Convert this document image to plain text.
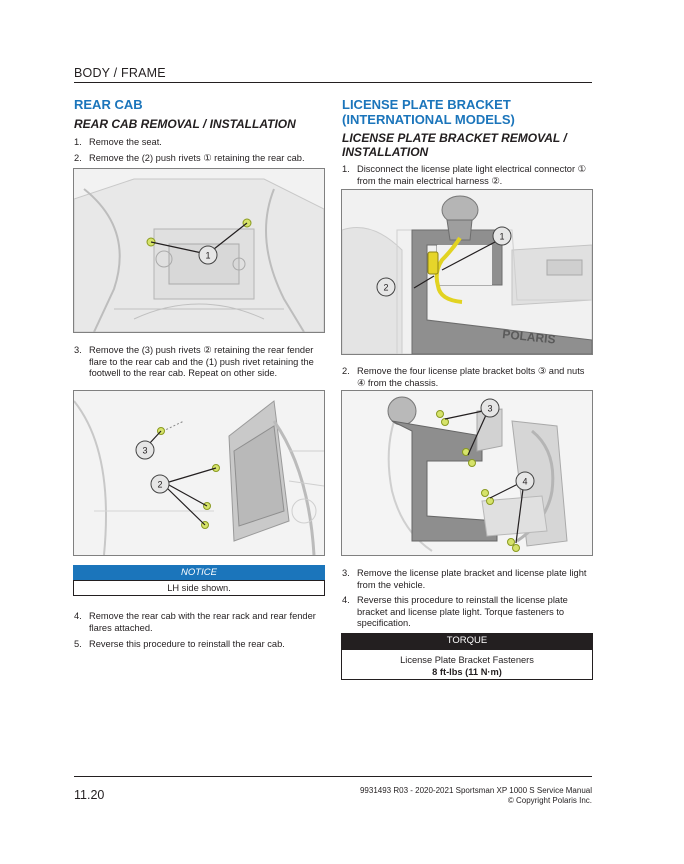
BODY / FRAME
REAR CAB
REAR CAB REMOVAL / INSTALLATION
1. Remove the seat.
2. Remove the (2) push rivets ① retaining the rear cab.
1
3. Remove the (3) push rivets ② retaining the rear fender flare to the rear cab and the (1) push rivet retaining the footwell to the rear cab. Repeat on other side.
3
2
NOTICE
LH side shown.
4. Remove the rear cab with the rear rack and rear fender flares attached.
5. Reverse this procedure to reinstall the rear cab.
LICENSE PLATE BRACKET
(INTERNATIONAL MODELS)
LICENSE PLATE BRACKET REMOVAL /
INSTALLATION
1. Disconnect the license plate light electrical connector ① from the main electrical harness ②.
POLARIS
1
2
2. Remove the four license plate bracket bolts ③ and nuts ④ from the chassis.
3
4
3. Remove the license plate bracket and license plate light from the vehicle.
4. Reverse this procedure to reinstall the license plate bracket and license plate light. Torque fasteners to specification.
TORQUE
License Plate Bracket Fasteners
8 ft-lbs (11 N·m)
11.20	9931493 R03 - 2020-2021 Sportsman XP 1000 S Service Manual
© Copyright Polaris Inc.
